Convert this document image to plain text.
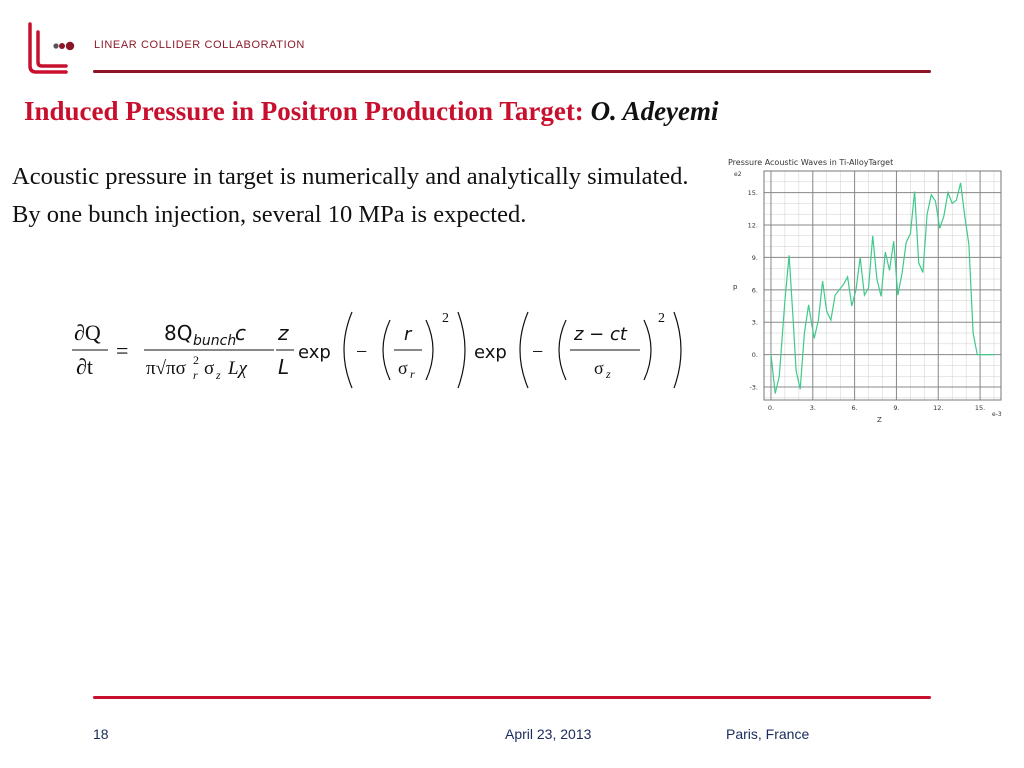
LINEAR COLLIDER COLLABORATION
Induced Pressure in Positron Production Target: O. Adeyemi

Acoustic pressure in target is numerically and analytically simulated.

By one bunch injection, several 10 MPa is expected.

∂Q
∂t
=
8Q bunch
c
π√πσ 2
r σ z Lχ
z
L
exp −
r
σ r
2
exp −
z − ct
σ z
2
Pressure Acoustic Waves in Ti-AlloyTarget
e2
e-3
Z
p
0.	3.	6.	9.	12.	15.
-3.
0.
3.
6.
9.
12.
15.
18	April 23, 2013	Paris, France
